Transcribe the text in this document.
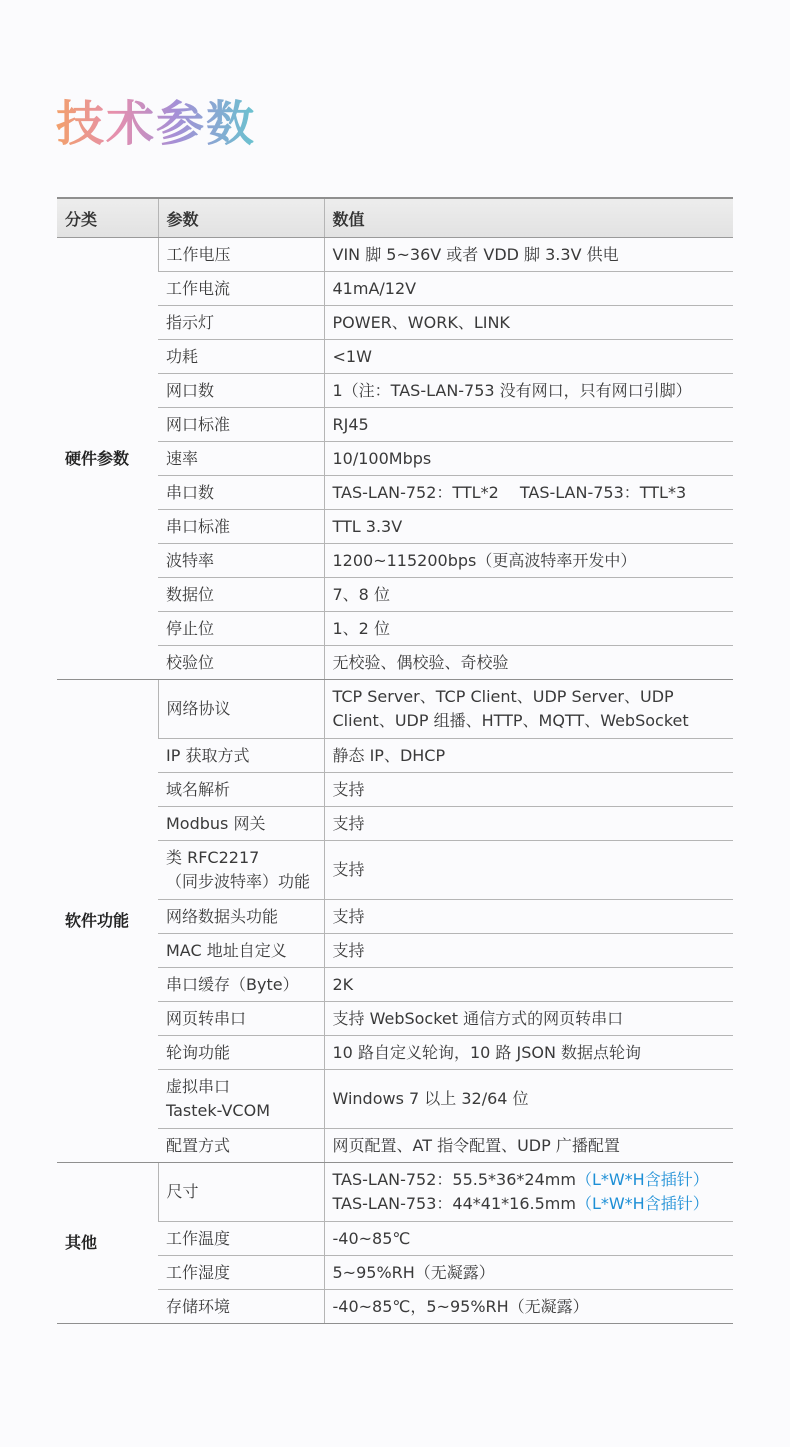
技术参数
分类	参数	数值
硬件参数	工作电压	VIN 脚 5~36V 或者 VDD 脚 3.3V 供电
	工作电流	41mA/12V
	指示灯	POWER、WORK、LINK
	功耗	<1W
	网口数	1（注：TAS-LAN-753 没有网口，只有网口引脚）
	网口标准	RJ45
	速率	10/100Mbps
	串口数	TAS-LAN-752：TTL*2　 TAS-LAN-753：TTL*3
	串口标准	TTL 3.3V
	波特率	1200~115200bps（更高波特率开发中）
	数据位	7、8 位
	停止位	1、2 位
	校验位	无校验、偶校验、奇校验
软件功能	网络协议	TCP Server、TCP Client、UDP Server、UDP
Client、UDP 组播、HTTP、MQTT、WebSocket

	IP 获取方式	静态 IP、DHCP
	域名解析	支持
	Modbus 网关	支持

	类 RFC2217
（同步波特率）功能	支持
	网络数据头功能	支持
	MAC 地址自定义	支持
	串口缓存（Byte）	2K
	网页转串口	支持 WebSocket 通信方式的网页转串口
	轮询功能	10 路自定义轮询，10 路 JSON 数据点轮询

	虚拟串口
Tastek-VCOM	Windows 7 以上 32/64 位
	配置方式	网页配置、AT 指令配置、UDP 广播配置
其他	尺寸	TAS-LAN-752：55.5*36*24mm（L*W*H含插针）
TAS-LAN-753：44*41*16.5mm（L*W*H含插针）

	工作温度	-40~85℃
	工作湿度	5~95%RH（无凝露）
	存储环境	-40~85℃，5~95%RH（无凝露）
